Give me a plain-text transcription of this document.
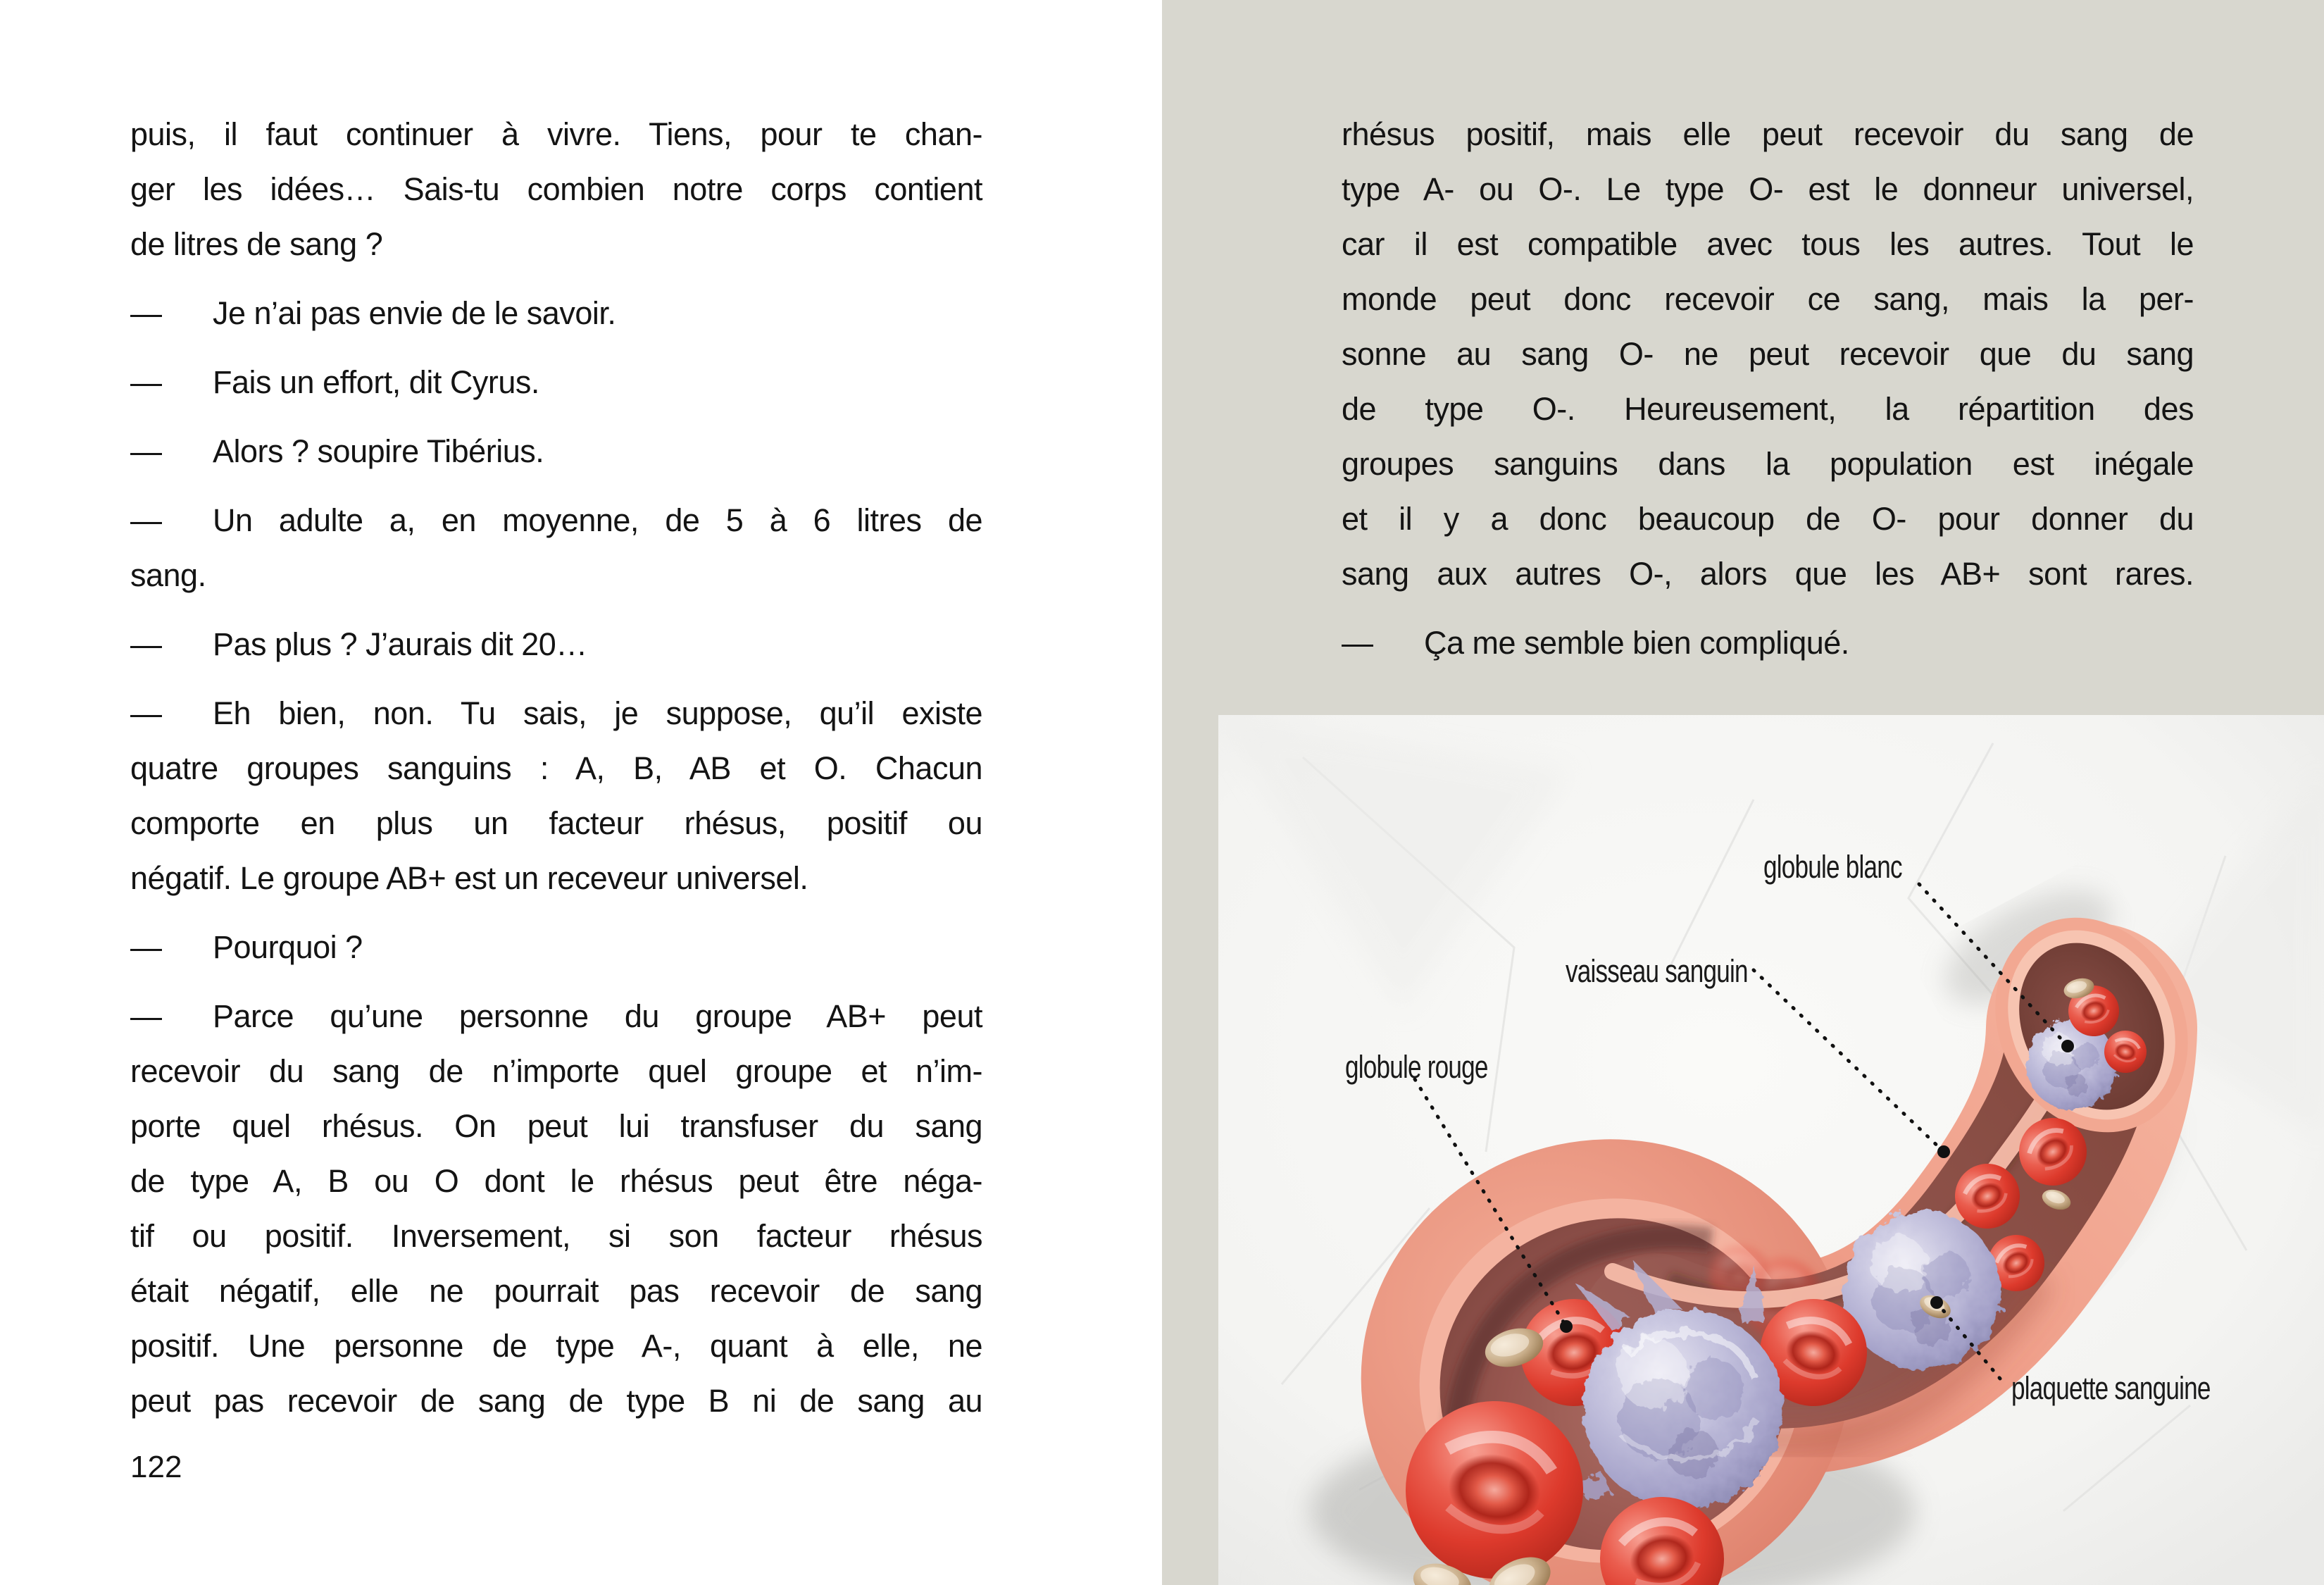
puis, il faut continuer à vivre. Tiens, pour te chan-
ger les idées… Sais-tu combien notre corps contient
de litres de sang ?
— Je n’ai pas envie de le savoir.
— Fais un effort, dit Cyrus.
— Alors ? soupire Tibérius.
— Un adulte a, en moyenne, de 5 à 6 litres de
sang.
— Pas plus ? J’aurais dit 20…
— Eh bien, non. Tu sais, je suppose, qu’il existe
quatre groupes sanguins : A, B, AB et O. Chacun
comporte en plus un facteur rhésus, positif ou
négatif. Le groupe AB+ est un receveur universel.
— Pourquoi ?
— Parce qu’une personne du groupe AB+ peut
recevoir du sang de n’importe quel groupe et n’im-
porte quel rhésus. On peut lui transfuser du sang
de type A, B ou O dont le rhésus peut être néga-
tif ou positif. Inversement, si son facteur rhésus
était négatif, elle ne pourrait pas recevoir de sang
positif. Une personne de type A-, quant à elle, ne
peut pas recevoir de sang de type B ni de sang au
122
rhésus positif, mais elle peut recevoir du sang de
type A- ou O-. Le type O- est le donneur universel,
car il est compatible avec tous les autres. Tout le
monde peut donc recevoir ce sang, mais la per-
sonne au sang O- ne peut recevoir que du sang
de type O-. Heureusement, la répartition des
groupes sanguins dans la population est inégale
et il y a donc beaucoup de O- pour donner du
sang aux autres O-, alors que les AB+ sont rares.
— Ça me semble bien compliqué.
globule blanc
vaisseau sanguin
globule rouge
plaquette sanguine
